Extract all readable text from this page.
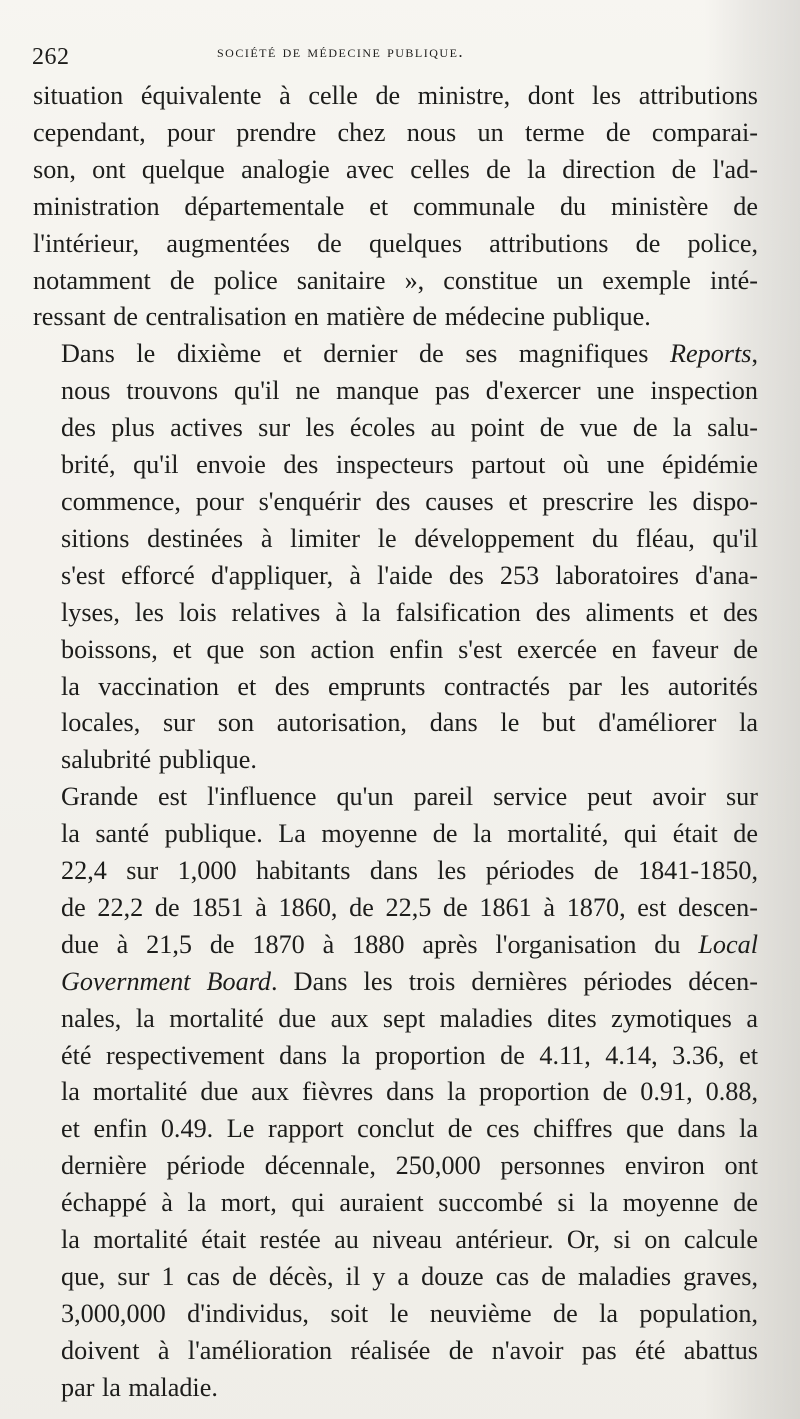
262	société de médecine publique.

situation équivalente à celle de ministre, dont les attributions
cependant, pour prendre chez nous un terme de comparai-
son, ont quelque analogie avec celles de la direction de l'ad-
ministration départementale et communale du ministère de
l'intérieur, augmentées de quelques attributions de police,
notamment de police sanitaire », constitue un exemple inté-
ressant de centralisation en matière de médecine publique.

Dans le dixième et dernier de ses magnifiques Reports,
nous trouvons qu'il ne manque pas d'exercer une inspection
des plus actives sur les écoles au point de vue de la salu-
brité, qu'il envoie des inspecteurs partout où une épidémie
commence, pour s'enquérir des causes et prescrire les dispo-
sitions destinées à limiter le développement du fléau, qu'il
s'est efforcé d'appliquer, à l'aide des 253 laboratoires d'ana-
lyses, les lois relatives à la falsification des aliments et des
boissons, et que son action enfin s'est exercée en faveur de
la vaccination et des emprunts contractés par les autorités
locales, sur son autorisation, dans le but d'améliorer la
salubrité publique.

Grande est l'influence qu'un pareil service peut avoir sur
la santé publique. La moyenne de la mortalité, qui était de
22,4 sur 1,000 habitants dans les périodes de 1841-1850,
de 22,2 de 1851 à 1860, de 22,5 de 1861 à 1870, est descen-
due à 21,5 de 1870 à 1880 après l'organisation du Local
Government Board. Dans les trois dernières périodes décen-
nales, la mortalité due aux sept maladies dites zymotiques a
été respectivement dans la proportion de 4.11, 4.14, 3.36, et
la mortalité due aux fièvres dans la proportion de 0.91, 0.88,
et enfin 0.49. Le rapport conclut de ces chiffres que dans la
dernière période décennale, 250,000 personnes environ ont
échappé à la mort, qui auraient succombé si la moyenne de
la mortalité était restée au niveau antérieur. Or, si on calcule
que, sur 1 cas de décès, il y a douze cas de maladies graves,
3,000,000 d'individus, soit le neuvième de la population,
doivent à l'amélioration réalisée de n'avoir pas été abattus
par la maladie.
